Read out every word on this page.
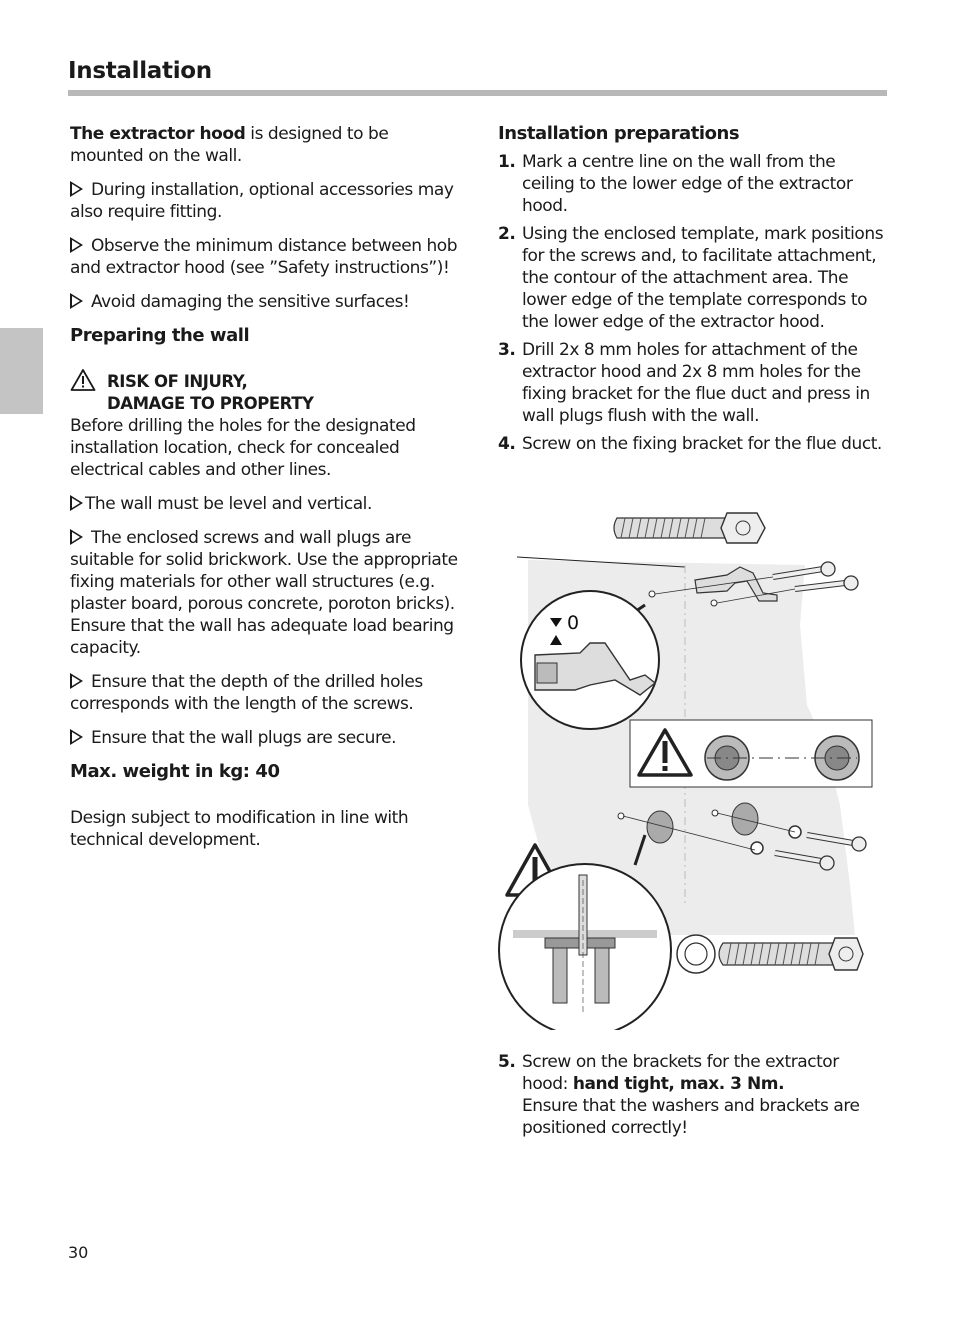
Installation

The extractor hood is designed to be mounted on the wall.

During installation, optional accessories may also require fitting.

Observe the minimum distance between hob and extractor hood (see ”Safety instructions”)!

Avoid damaging the sensitive surfaces!

Preparing the wall

RISK OF INJURY,
DAMAGE TO PROPERTY

Before drilling the holes for the designated installation location, check for concealed electrical cables and other lines.

The wall must be level and vertical.

The enclosed screws and wall plugs are suitable for solid brickwork. Use the appropriate fixing materials for other wall structures (e.g. plaster board, porous concrete, poroton bricks).

Ensure that the wall has adequate load bearing capacity.

Ensure that the depth of the drilled holes corresponds with the length of the screws.

Ensure that the wall plugs are secure.

Max. weight in kg: 40

Design subject to modification in line with technical development.

Installation preparations

1. Mark a centre line on the wall from the ceiling to the lower edge of the extractor hood.
2. Using the enclosed template, mark positions for the screws and, to facilitate attachment, the contour of the attachment area. The lower edge of the template corresponds to the lower edge of the extractor hood.
3. Drill 2x 8 mm holes for attachment of the extractor hood and 2x 8 mm holes for the fixing bracket for the flue duct and press in wall plugs flush with the wall.
4. Screw on the fixing bracket for the flue duct.
0
5. Screw on the brackets for the extractor hood: hand tight, max. 3 Nm.
Ensure that the washers and brackets are positioned correctly!
30
